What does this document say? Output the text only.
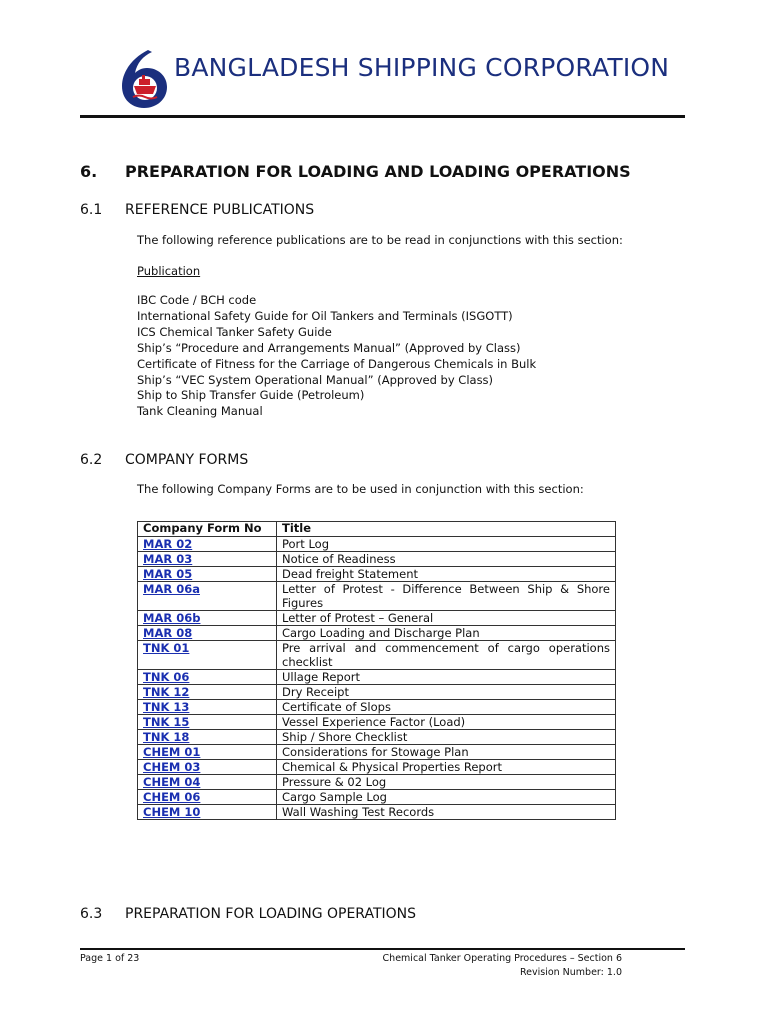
BANGLADESH SHIPPING CORPORATION
6. PREPARATION FOR LOADING AND LOADING OPERATIONS
6.1 REFERENCE PUBLICATIONS
The following reference publications are to be read in conjunctions with this section:
Publication
IBC Code / BCH code
International Safety Guide for Oil Tankers and Terminals (ISGOTT)
ICS Chemical Tanker Safety Guide
Ship’s “Procedure and Arrangements Manual” (Approved by Class)
Certificate of Fitness for the Carriage of Dangerous Chemicals in Bulk
Ship’s “VEC System Operational Manual” (Approved by Class)
Ship to Ship Transfer Guide (Petroleum)
Tank Cleaning Manual
6.2 COMPANY FORMS
The following Company Forms are to be used in conjunction with this section:
Company Form No	Title
MAR 02	Port Log
MAR 03	Notice of Readiness
MAR 05	Dead freight Statement
MAR 06a	Letter of Protest - Difference Between Ship & Shore Figures
MAR 06b	Letter of Protest – General
MAR 08	Cargo Loading and Discharge Plan
TNK 01	Pre arrival and commencement of cargo operations checklist
TNK 06	Ullage Report
TNK 12	Dry Receipt
TNK 13	Certificate of Slops
TNK 15	Vessel Experience Factor (Load)
TNK 18	Ship / Shore Checklist
CHEM 01	Considerations for Stowage Plan
CHEM 03	Chemical & Physical Properties Report
CHEM 04	Pressure & 02 Log
CHEM 06	Cargo Sample Log
CHEM 10	Wall Washing Test Records
6.3 PREPARATION FOR LOADING OPERATIONS
Page 1 of 23	Chemical Tanker Operating Procedures – Section 6
Revision Number: 1.0
